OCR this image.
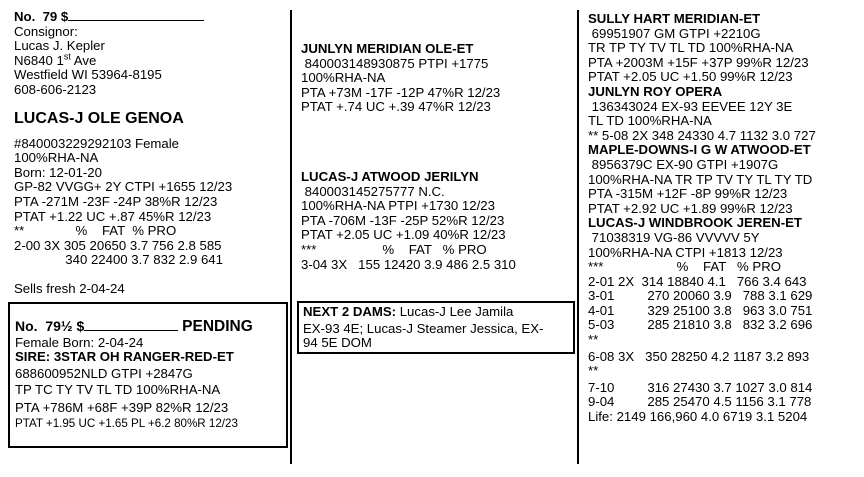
No.  79 $
Consignor:
Lucas J. Kepler
N6840 1st Ave
Westfield WI 53964-8195
608-606-2123
LUCAS-J OLE GENOA
#840003229292103 Female
100%RHA-NA
Born: 12-01-20
GP-82 VVGG+ 2Y CTPI +1655 12/23
PTA -271M -23F -24P 38%R 12/23
PTAT +1.22 UC +.87 45%R 12/23
**              %    FAT  % PRO
2-00 3X 305 20650 3.7 756 2.8 585
340 22400 3.7 832 2.9 641
Sells fresh 2-04-24
No.  79½ $	PENDING
Female Born: 2-04-24
SIRE: 3STAR OH RANGER-RED-ET
688600952NLD GTPI +2847G
TP TC TY TV TL TD 100%RHA-NA
PTA +786M +68F +39P 82%R 12/23
PTAT +1.95 UC +1.65 PL +6.2 80%R 12/23
JUNLYN MERIDIAN OLE-ET
840003148930875 PTPI +1775
100%RHA-NA
PTA +73M -17F -12P 47%R 12/23
PTAT +.74 UC +.39 47%R 12/23
LUCAS-J ATWOOD JERILYN
840003145275777 N.C.
100%RHA-NA PTPI +1730 12/23
PTA -706M -13F -25P 52%R 12/23
PTAT +2.05 UC +1.09 40%R 12/23
***                  %    FAT   % PRO
3-04 3X   155 12420 3.9 486 2.5 310
NEXT 2 DAMS: Lucas-J Lee Jamila
EX-93 4E; Lucas-J Steamer Jessica, EX-
94 5E DOM
SULLY HART MERIDIAN-ET
69951907 GM GTPI +2210G
TR TP TY TV TL TD 100%RHA-NA
PTA +2003M +15F +37P 99%R 12/23
PTAT +2.05 UC +1.50 99%R 12/23
JUNLYN ROY OPERA
136343024 EX-93 EEVEE 12Y 3E
TL TD 100%RHA-NA
** 5-08 2X 348 24330 4.7 1132 3.0 727
MAPLE-DOWNS-I G W ATWOOD-ET
8956379C EX-90 GTPI +1907G
100%RHA-NA TR TP TV TY TL TY TD
PTA -315M +12F -8P 99%R 12/23
PTAT +2.92 UC +1.89 99%R 12/23
LUCAS-J WINDBROOK JEREN-ET
71038319 VG-86 VVVVV 5Y
100%RHA-NA CTPI +1813 12/23
***                    %    FAT   % PRO
2-01 2X  314 18840 4.1   766 3.4 643
3-01         270 20060 3.9   788 3.1 629
4-01         329 25100 3.8   963 3.0 751
5-03         285 21810 3.8   832 3.2 696
**
6-08 3X   350 28250 4.2 1187 3.2 893
**
7-10         316 27430 3.7 1027 3.0 814
9-04         285 25470 4.5 1156 3.1 778
Life: 2149 166,960 4.0 6719 3.1 5204
